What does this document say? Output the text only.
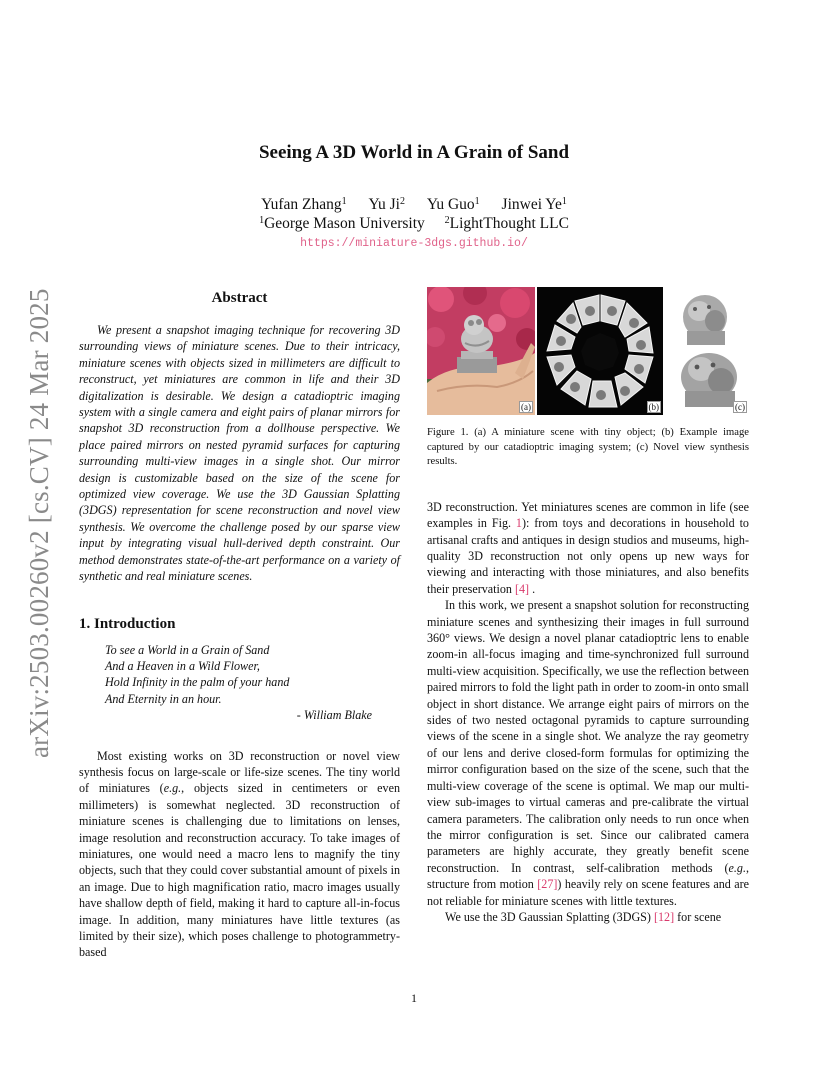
arXiv:2503.00260v2 [cs.CV] 24 Mar 2025
Seeing A 3D World in A Grain of Sand
Yufan Zhang$^1$ Yu Ji$^2$ Yu Guo$^1$ Jinwei Ye$^1$
$^1$George Mason University $^2$LightThought LLC
https://miniature-3dgs.github.io/
Abstract

We present a snapshot imaging technique for recovering 3D surrounding views of miniature scenes. Due to their intricacy, miniature scenes with objects sized in millimeters are difficult to reconstruct, yet miniatures are common in life and their 3D digitalization is desirable. We design a catadioptric imaging system with a single camera and eight pairs of planar mirrors for snapshot 3D reconstruction from a dollhouse perspective. We place paired mirrors on nested pyramid surfaces for capturing surrounding multi-view images in a single shot. Our mirror design is customizable based on the size of the scene for optimized view coverage. We use the 3D Gaussian Splatting (3DGS) representation for scene reconstruction and novel view synthesis. We overcome the challenge posed by our sparse view input by integrating visual hull-derived depth constraint. Our method demonstrates state-of-the-art performance on a variety of synthetic and real miniature scenes.

1. Introduction
To see a World in a Grain of Sand
And a Heaven in a Wild Flower,
Hold Infinity in the palm of your hand
And Eternity in an hour.
- William Blake

Most existing works on 3D reconstruction or novel view synthesis focus on large-scale or life-size scenes. The tiny world of miniatures (e.g., objects sized in centimeters or even millimeters) is somewhat neglected. 3D reconstruction of miniature scenes is challenging due to limitations on lenses, image resolution and reconstruction accuracy. To take images of miniatures, one would need a macro lens to magnify the tiny objects, such that they could cover substantial amount of pixels in an image. Due to high magnification ratio, macro images usually have shallow depth of field, making it hard to capture all-in-focus image. In addition, many miniatures have little textures (as limited by their size), which poses challenge to photogrammetry-based

(a)	(b)	(c)

Figure 1. (a) A miniature scene with tiny object; (b) Example image captured by our catadioptric imaging system; (c) Novel view synthesis results.

3D reconstruction. Yet miniatures scenes are common in life (see examples in Fig. 1): from toys and decorations in household to artisanal crafts and antiques in design studios and museums, high-quality 3D reconstruction not only opens up new ways for viewing and interacting with those miniatures, and also benefits their preservation [4] .

In this work, we present a snapshot solution for reconstructing miniature scenes and synthesizing their images in full surround 360° views. We design a novel planar catadioptric lens to enable zoom-in all-focus imaging and time-synchronized full surround multi-view acquisition. Specifically, we use the reflection between paired mirrors to fold the light path in order to zoom-in onto small object in short distance. We arrange eight pairs of mirrors on the sides of two nested octagonal pyramids to capture surrounding views of the scene in a single shot. We analyze the ray geometry of our lens and derive closed-form formulas for optimizing the mirror configuration based on the size of the scene, such that the multi-view coverage of the scene is optimal. We map our multi-view sub-images to virtual cameras and pre-calibrate the virtual camera parameters. The calibration only needs to run once when the mirror configuration is set. Since our calibrated camera parameters are highly accurate, they greatly benefit scene reconstruction. In contrast, self-calibration methods (e.g., structure from motion [27]) heavily rely on scene features and are not reliable for miniature scenes with little textures.

We use the 3D Gaussian Splatting (3DGS) [12] for scene

1
